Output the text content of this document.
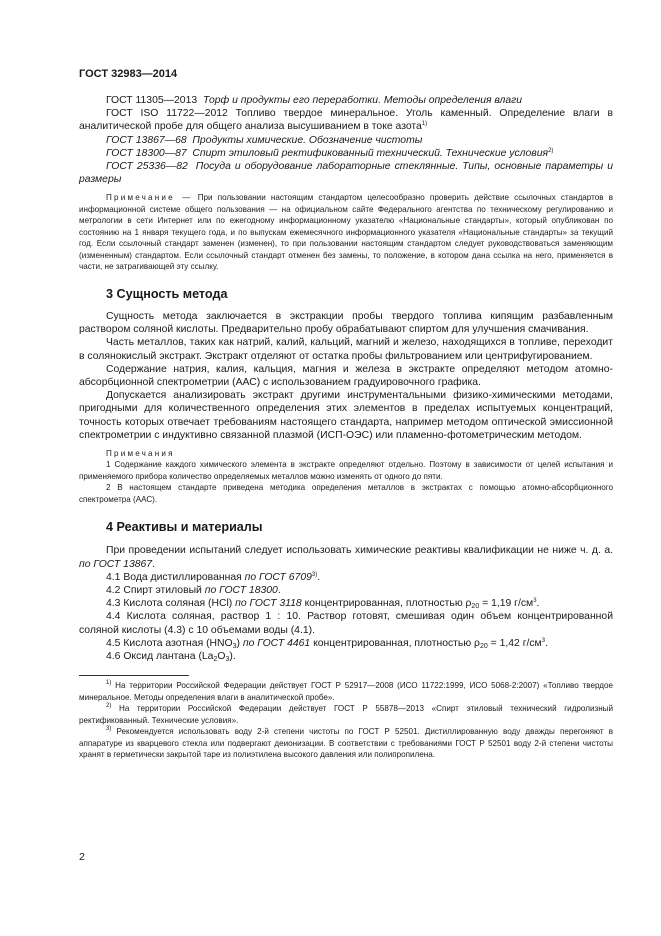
ГОСТ 32983—2014

ГОСТ 11305—2013 Торф и продукты его переработки. Методы определения влаги

ГОСТ ISO 11722—2012 Топливо твердое минеральное. Уголь каменный. Определение влаги в аналитической пробе для общего анализа высушиванием в токе азота$^{1)}$

ГОСТ 13867—68 Продукты химические. Обозначение чистоты

ГОСТ 18300—87 Спирт этиловый ректификованный технический. Технические условия$^{2)}$

ГОСТ 25336—82 Посуда и оборудование лабораторные стеклянные. Типы, основные параметры и размеры

Примечание — При пользовании настоящим стандартом целесообразно проверить действие ссылочных стандартов в информационной системе общего пользования — на официальном сайте Федерального агентства по техническому регулированию и метрологии в сети Интернет или по ежегодному информационному указателю «Национальные стандарты», который опубликован по состоянию на 1 января текущего года, и по выпускам ежемесячного информационного указателя «Национальные стандарты» за текущий год. Если ссылочный стандарт заменен (изменен), то при пользовании настоящим стандартом следует руководствоваться заменяющим (измененным) стандартом. Если ссылочный стандарт отменен без замены, то положение, в котором дана ссылка на него, применяется в части, не затрагивающей эту ссылку.

3 Сущность метода

Сущность метода заключается в экстракции пробы твердого топлива кипящим разбавленным раствором соляной кислоты. Предварительно пробу обрабатывают спиртом для улучшения смачивания.

Часть металлов, таких как натрий, калий, кальций, магний и железо, находящихся в топливе, переходит в солянокислый экстракт. Экстракт отделяют от остатка пробы фильтрованием или центрифугированием.

Содержание натрия, калия, кальция, магния и железа в экстракте определяют методом атомно-абсорбционной спектрометрии (ААС) с использованием градуировочного графика.

Допускается анализировать экстракт другими инструментальными физико-химическими методами, пригодными для количественного определения этих элементов в пределах испытуемых концентраций, точность которых отвечает требованиям настоящего стандарта, например методом оптической эмиссионной спектрометрии с индуктивно связанной плазмой (ИСП-ОЭС) или пламенно-фотометрическим методом.

Примечания

1 Содержание каждого химического элемента в экстракте определяют отдельно. Поэтому в зависимости от целей испытания и применяемого прибора количество определяемых металлов можно изменять от одного до пяти.

2 В настоящем стандарте приведена методика определения металлов в экстрактах с помощью атомно-абсорбционного спектрометра (ААС).

4 Реактивы и материалы

При проведении испытаний следует использовать химические реактивы квалификации не ниже ч. д. а. по ГОСТ 13867.

4.1 Вода дистиллированная по ГОСТ 6709$^{3)}$.

4.2 Спирт этиловый по ГОСТ 18300.

4.3 Кислота соляная (HCl) по ГОСТ 3118 концентрированная, плотностью $\rho_{20} = 1,19$ $г/см^3$.

4.4 Кислота соляная, раствор 1 : 10. Раствор готовят, смешивая один объем концентрированной соляной кислоты (4.3) с 10 объемами воды (4.1).

4.5 Кислота азотная $(HNO_3)$ по ГОСТ 4461 концентрированная, плотностью $\rho_{20} = 1,42$ $г/см^3$.

4.6 Оксид лантана $(La_2O_3)$.

$^{1)}$ На территории Российской Федерации действует ГОСТ Р 52917—2008 (ИСО 11722:1999, ИСО 5068-2:2007) «Топливо твердое минеральное. Методы определения влаги в аналитической пробе».

$^{2)}$ На территории Российской Федерации действует ГОСТ Р 55878—2013 «Спирт этиловый технический гидролизный ректификованный. Технические условия».

$^{3)}$ Рекомендуется использовать воду 2-й степени чистоты по ГОСТ Р 52501. Дистиллированную воду дважды перегоняют в аппаратуре из кварцевого стекла или подвергают деионизации. В соответствии с требованиями ГОСТ Р 52501 воду 2-й степени чистоты хранят в герметически закрытой таре из полиэтилена высокого давления или полипропилена.

2
